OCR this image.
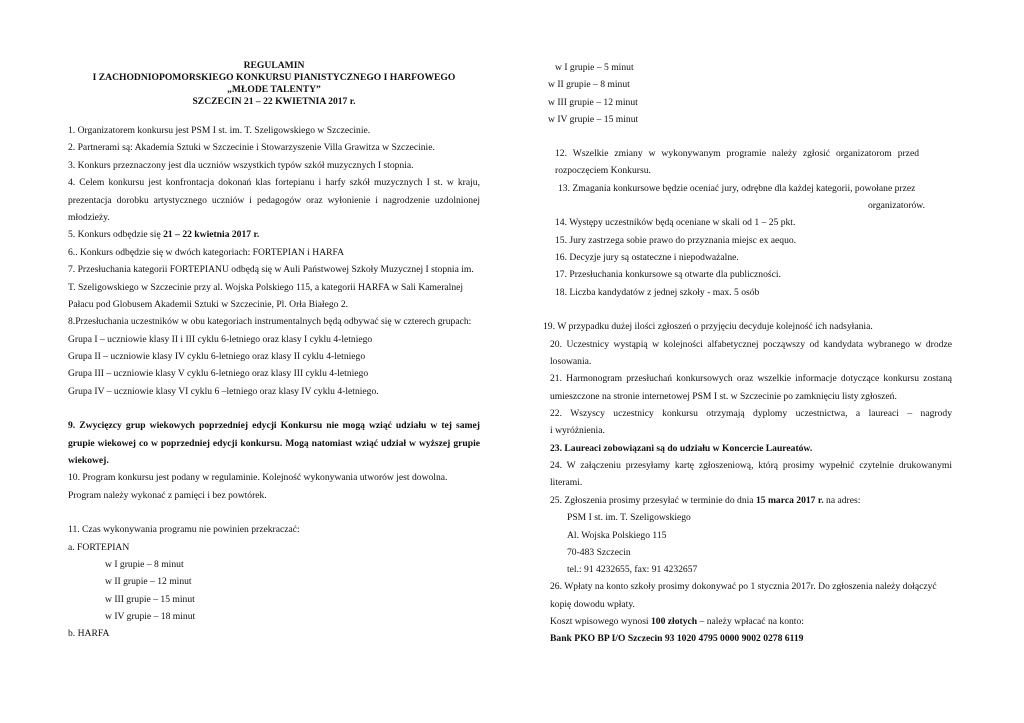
REGULAMIN
I ZACHODNIOPOMORSKIEGO KONKURSU PIANISTYCZNEGO I HARFOWEGO
„MŁODE TALENTY”
SZCZECIN 21 – 22 KWIETNIA 2017 r.
1. Organizatorem konkursu jest PSM I st. im. T. Szeligowskiego w Szczecinie.
2. Partnerami są: Akademia Sztuki w Szczecinie i Stowarzyszenie Villa Grawitza w Szczecinie.
3. Konkurs przeznaczony jest dla uczniów wszystkich typów szkół muzycznych I stopnia.
4. Celem konkursu jest konfrontacja dokonań klas fortepianu i harfy szkół muzycznych I st. w kraju,
prezentacja dorobku artystycznego uczniów i pedagogów oraz wyłonienie i nagrodzenie uzdolnionej
młodzieży.
5. Konkurs odbędzie się 21 – 22 kwietnia 2017 r.
6.. Konkurs odbędzie się w dwóch kategoriach: FORTEPIAN i HARFA
7. Przesłuchania kategorii FORTEPIANU odbędą się w Auli Państwowej Szkoły Muzycznej I stopnia im.
T. Szeligowskiego w Szczecinie przy al. Wojska Polskiego 115, a kategorii HARFA w Sali Kameralnej
Pałacu pod Globusem Akademii Sztuki w Szczecinie, Pl. Orła Białego 2.
8.Przesłuchania uczestników w obu kategoriach instrumentalnych będą odbywać się w czterech grupach:
Grupa I – uczniowie klasy II i III cyklu 6-letniego oraz klasy I cyklu 4-letniego
Grupa II – uczniowie klasy IV cyklu 6-letniego oraz klasy II cyklu 4-letniego
Grupa III – uczniowie klasy V cyklu 6-letniego oraz klasy III cyklu 4-letniego
Grupa IV – uczniowie klasy VI cyklu 6 –letniego oraz klasy IV cyklu 4-letniego.
9. Zwycięzcy grup wiekowych poprzedniej edycji Konkursu nie mogą wziąć udziału w tej samej
grupie wiekowej co w poprzedniej edycji konkursu. Mogą natomiast wziąć udział w wyższej grupie
wiekowej.
10. Program konkursu jest podany w regulaminie. Kolejność wykonywania utworów jest dowolna.
Program należy wykonać z pamięci i bez powtórek.
11. Czas wykonywania programu nie powinien przekraczać:
a. FORTEPIAN
w I grupie – 8 minut
w II grupie – 12 minut
w III grupie – 15 minut
w IV grupie – 18 minut
b. HARFA
w I grupie – 5 minut
w II grupie – 8 minut
w III grupie – 12 minut
w IV grupie – 15 minut
12. Wszelkie zmiany w wykonywanym programie należy zgłosić organizatorom przed
rozpoczęciem Konkursu.
13. Zmagania konkursowe będzie oceniać jury, odrębne dla każdej kategorii, powołane przez
organizatorów.
14. Występy uczestników będą oceniane w skali od 1 – 25 pkt.
15. Jury zastrzega sobie prawo do przyznania miejsc ex aequo.
16. Decyzje jury są ostateczne i niepodważalne.
17. Przesłuchania konkursowe są otwarte dla publiczności.
18. Liczba kandydatów z jednej szkoły - max. 5 osób
19. W przypadku dużej ilości zgłoszeń o przyjęciu decyduje kolejność ich nadsyłania.
20. Uczestnicy wystąpią w kolejności alfabetycznej począwszy od kandydata wybranego w drodze
losowania.
21. Harmonogram przesłuchań konkursowych oraz wszelkie informacje dotyczące konkursu zostaną
umieszczone na stronie internetowej PSM I st. w Szczecinie po zamknięciu listy zgłoszeń.
22. Wszyscy uczestnicy konkursu otrzymają dyplomy uczestnictwa, a laureaci – nagrody
i wyróżnienia.
23. Laureaci zobowiązani są do udziału w Koncercie Laureatów.
24. W załączeniu przesyłamy kartę zgłoszeniową, którą prosimy wypełnić czytelnie drukowanymi
literami.
25. Zgłoszenia prosimy przesyłać w terminie do dnia 15 marca 2017 r. na adres:
PSM I st. im. T. Szeligowskiego
Al. Wojska Polskiego 115
70-483 Szczecin
tel.: 91 4232655, fax: 91 4232657
26. Wpłaty na konto szkoły prosimy dokonywać po 1 stycznia 2017r. Do zgłoszenia należy dołączyć
kopię dowodu wpłaty.
Koszt wpisowego wynosi 100 złotych – należy wpłacać na konto:
Bank PKO BP I/O Szczecin 93 1020 4795 0000 9002 0278 6119
